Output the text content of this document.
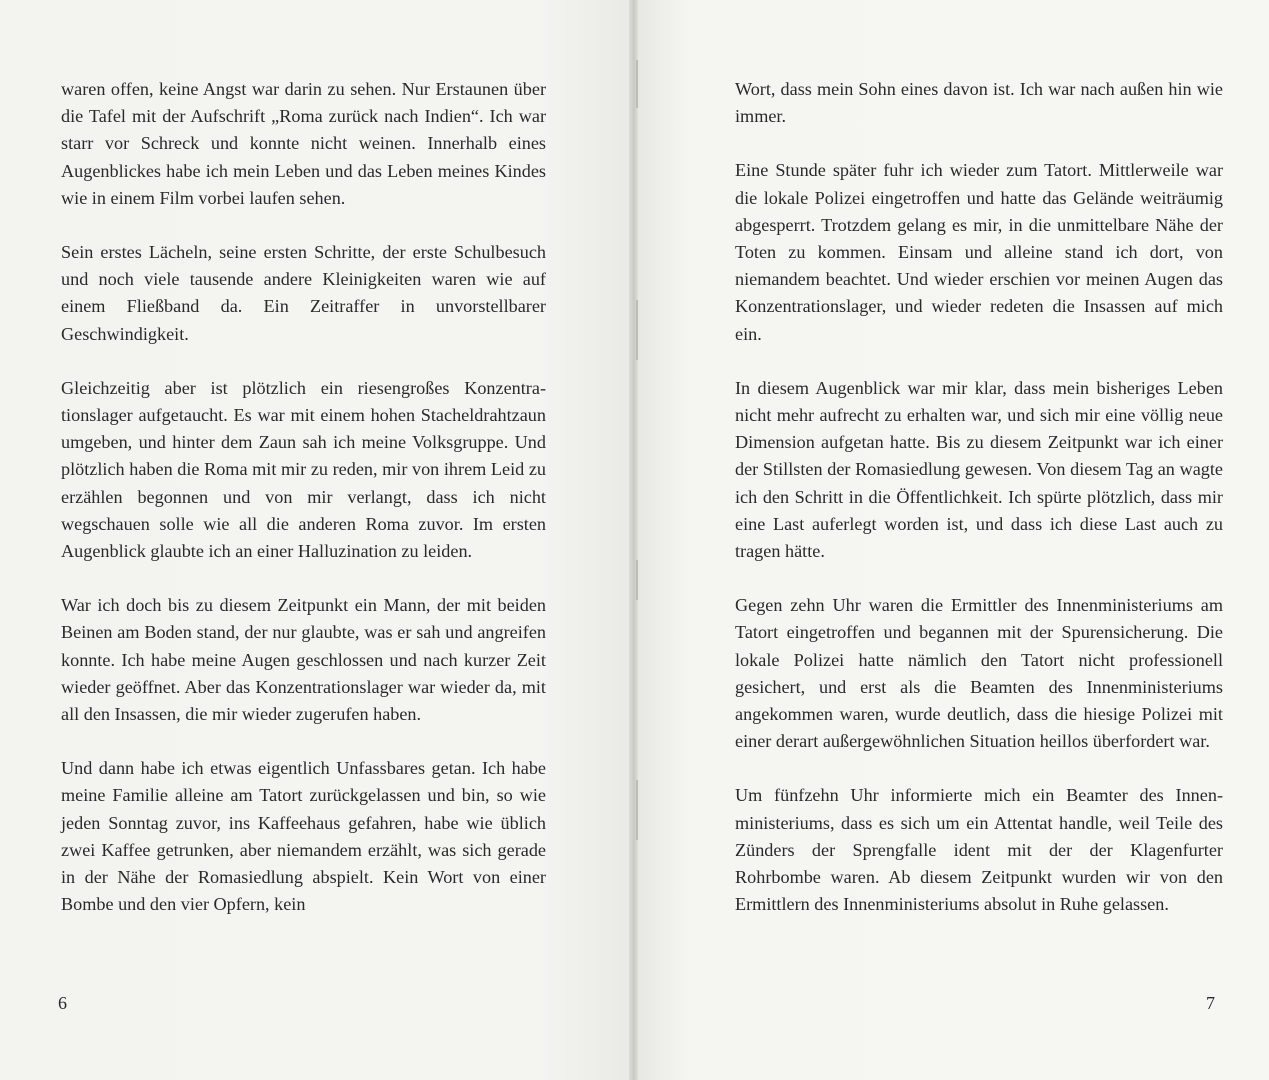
waren offen, keine Angst war darin zu sehen. Nur Erstaunen über die Tafel mit der Aufschrift „Roma zurück nach Indien“. Ich war starr vor Schreck und konnte nicht weinen. Innerhalb eines Augenblickes habe ich mein Leben und das Leben meines Kindes wie in einem Film vorbei laufen sehen.

Sein erstes Lächeln, seine ersten Schritte, der erste Schulbesuch und noch viele tausende andere Kleinigkeiten waren wie auf einem Fließband da. Ein Zeitraffer in unvorstellbarer Geschwindigkeit.

Gleichzeitig aber ist plötzlich ein riesengroßes Konzentrationslager aufgetaucht. Es war mit einem hohen Stacheldrahtzaun umgeben, und hinter dem Zaun sah ich meine Volksgruppe. Und plötzlich haben die Roma mit mir zu reden, mir von ihrem Leid zu erzählen begonnen und von mir verlangt, dass ich nicht wegschauen solle wie all die anderen Roma zuvor. Im ersten Augenblick glaubte ich an einer Halluzination zu leiden.

War ich doch bis zu diesem Zeitpunkt ein Mann, der mit beiden Beinen am Boden stand, der nur glaubte, was er sah und angreifen konnte. Ich habe meine Augen geschlossen und nach kurzer Zeit wieder geöffnet. Aber das Konzentrationslager war wieder da, mit all den Insassen, die mir wieder zugerufen haben.

Und dann habe ich etwas eigentlich Unfassbares getan. Ich habe meine Familie alleine am Tatort zurückgelassen und bin, so wie jeden Sonntag zuvor, ins Kaffeehaus gefahren, habe wie üblich zwei Kaffee getrunken, aber niemandem erzählt, was sich gerade in der Nähe der Romasiedlung abspielt. Kein Wort von einer Bombe und den vier Opfern, kein

6

Wort, dass mein Sohn eines davon ist. Ich war nach außen hin wie immer.

Eine Stunde später fuhr ich wieder zum Tatort. Mittlerweile war die lokale Polizei eingetroffen und hatte das Gelände weiträumig abgesperrt. Trotzdem gelang es mir, in die unmittelbare Nähe der Toten zu kommen. Einsam und alleine stand ich dort, von niemandem beachtet. Und wieder erschien vor meinen Augen das Konzentrationslager, und wieder redeten die Insassen auf mich ein.

In diesem Augenblick war mir klar, dass mein bisheriges Leben nicht mehr aufrecht zu erhalten war, und sich mir eine völlig neue Dimension aufgetan hatte. Bis zu diesem Zeitpunkt war ich einer der Stillsten der Romasiedlung gewesen. Von diesem Tag an wagte ich den Schritt in die Öffentlichkeit. Ich spürte plötzlich, dass mir eine Last auferlegt worden ist, und dass ich diese Last auch zu tragen hätte.

Gegen zehn Uhr waren die Ermittler des Innenministeriums am Tatort eingetroffen und begannen mit der Spurensicherung. Die lokale Polizei hatte nämlich den Tatort nicht professionell gesichert, und erst als die Beamten des Innenministeriums angekommen waren, wurde deutlich, dass die hiesige Polizei mit einer derart außergewöhnlichen Situation heillos überfordert war.

Um fünfzehn Uhr informierte mich ein Beamter des Innenministeriums, dass es sich um ein Attentat handle, weil Teile des Zünders der Sprengfalle ident mit der der Klagenfurter Rohrbombe waren. Ab diesem Zeitpunkt wurden wir von den Ermittlern des Innenministeriums absolut in Ruhe gelassen.

7
